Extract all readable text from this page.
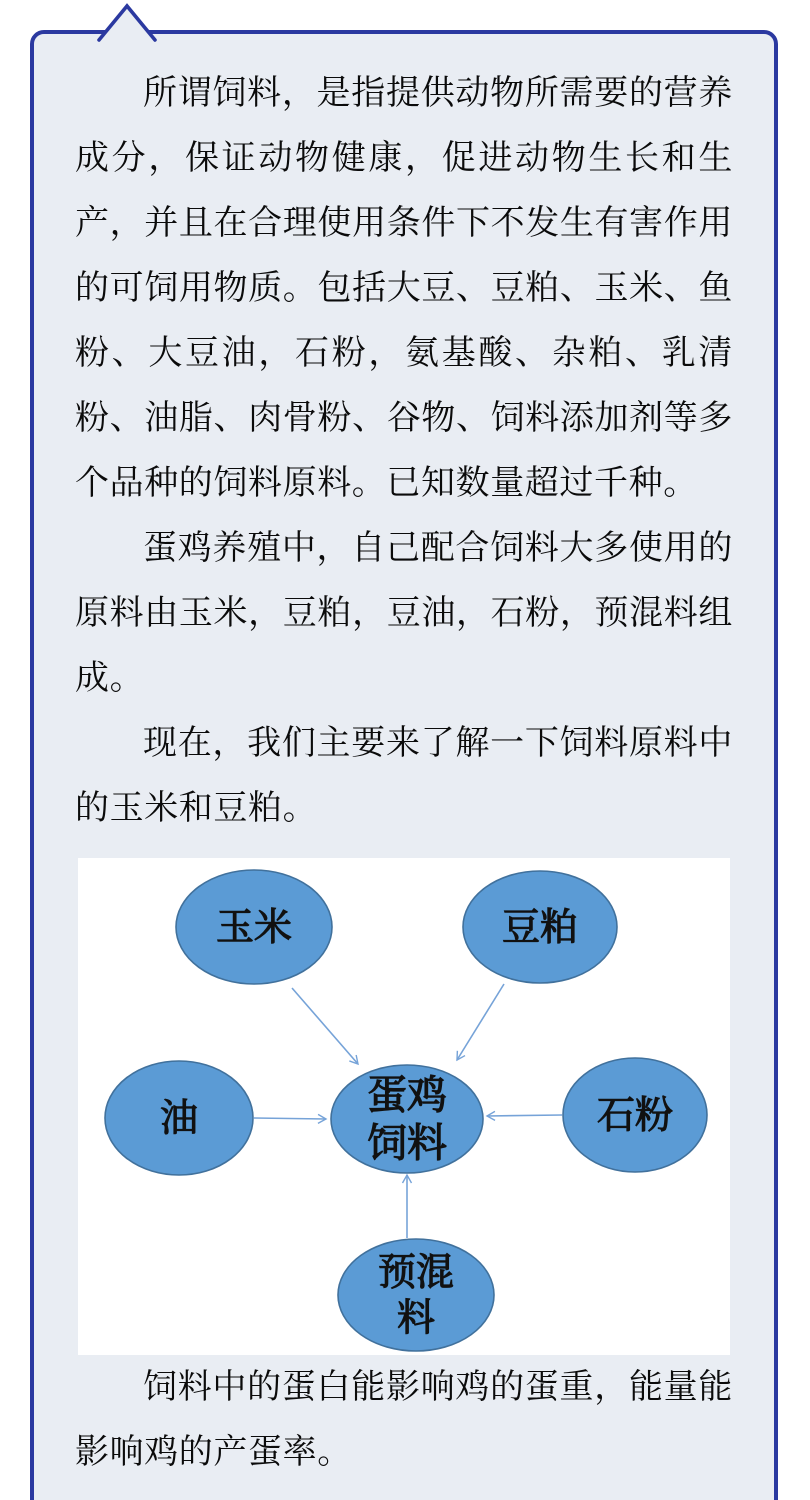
所谓饲料，是指提供动物所需要的营养成分，保证动物健康，促进动物生长和生产，并且在合理使用条件下不发生有害作用的可饲用物质。包括大豆、豆粕、玉米、鱼粉、大豆油，石粉，氨基酸、杂粕、乳清粉、油脂、肉骨粉、谷物、饲料添加剂等多个品种的饲料原料。已知数量超过千种。

蛋鸡养殖中，自己配合饲料大多使用的原料由玉米，豆粕，豆油，石粉，预混料组成。

现在，我们主要来了解一下饲料原料中的玉米和豆粕。

玉米	豆粕
油	石粉
蛋鸡饲料
预混料

饲料中的蛋白能影响鸡的蛋重，能量能影响鸡的产蛋率。
